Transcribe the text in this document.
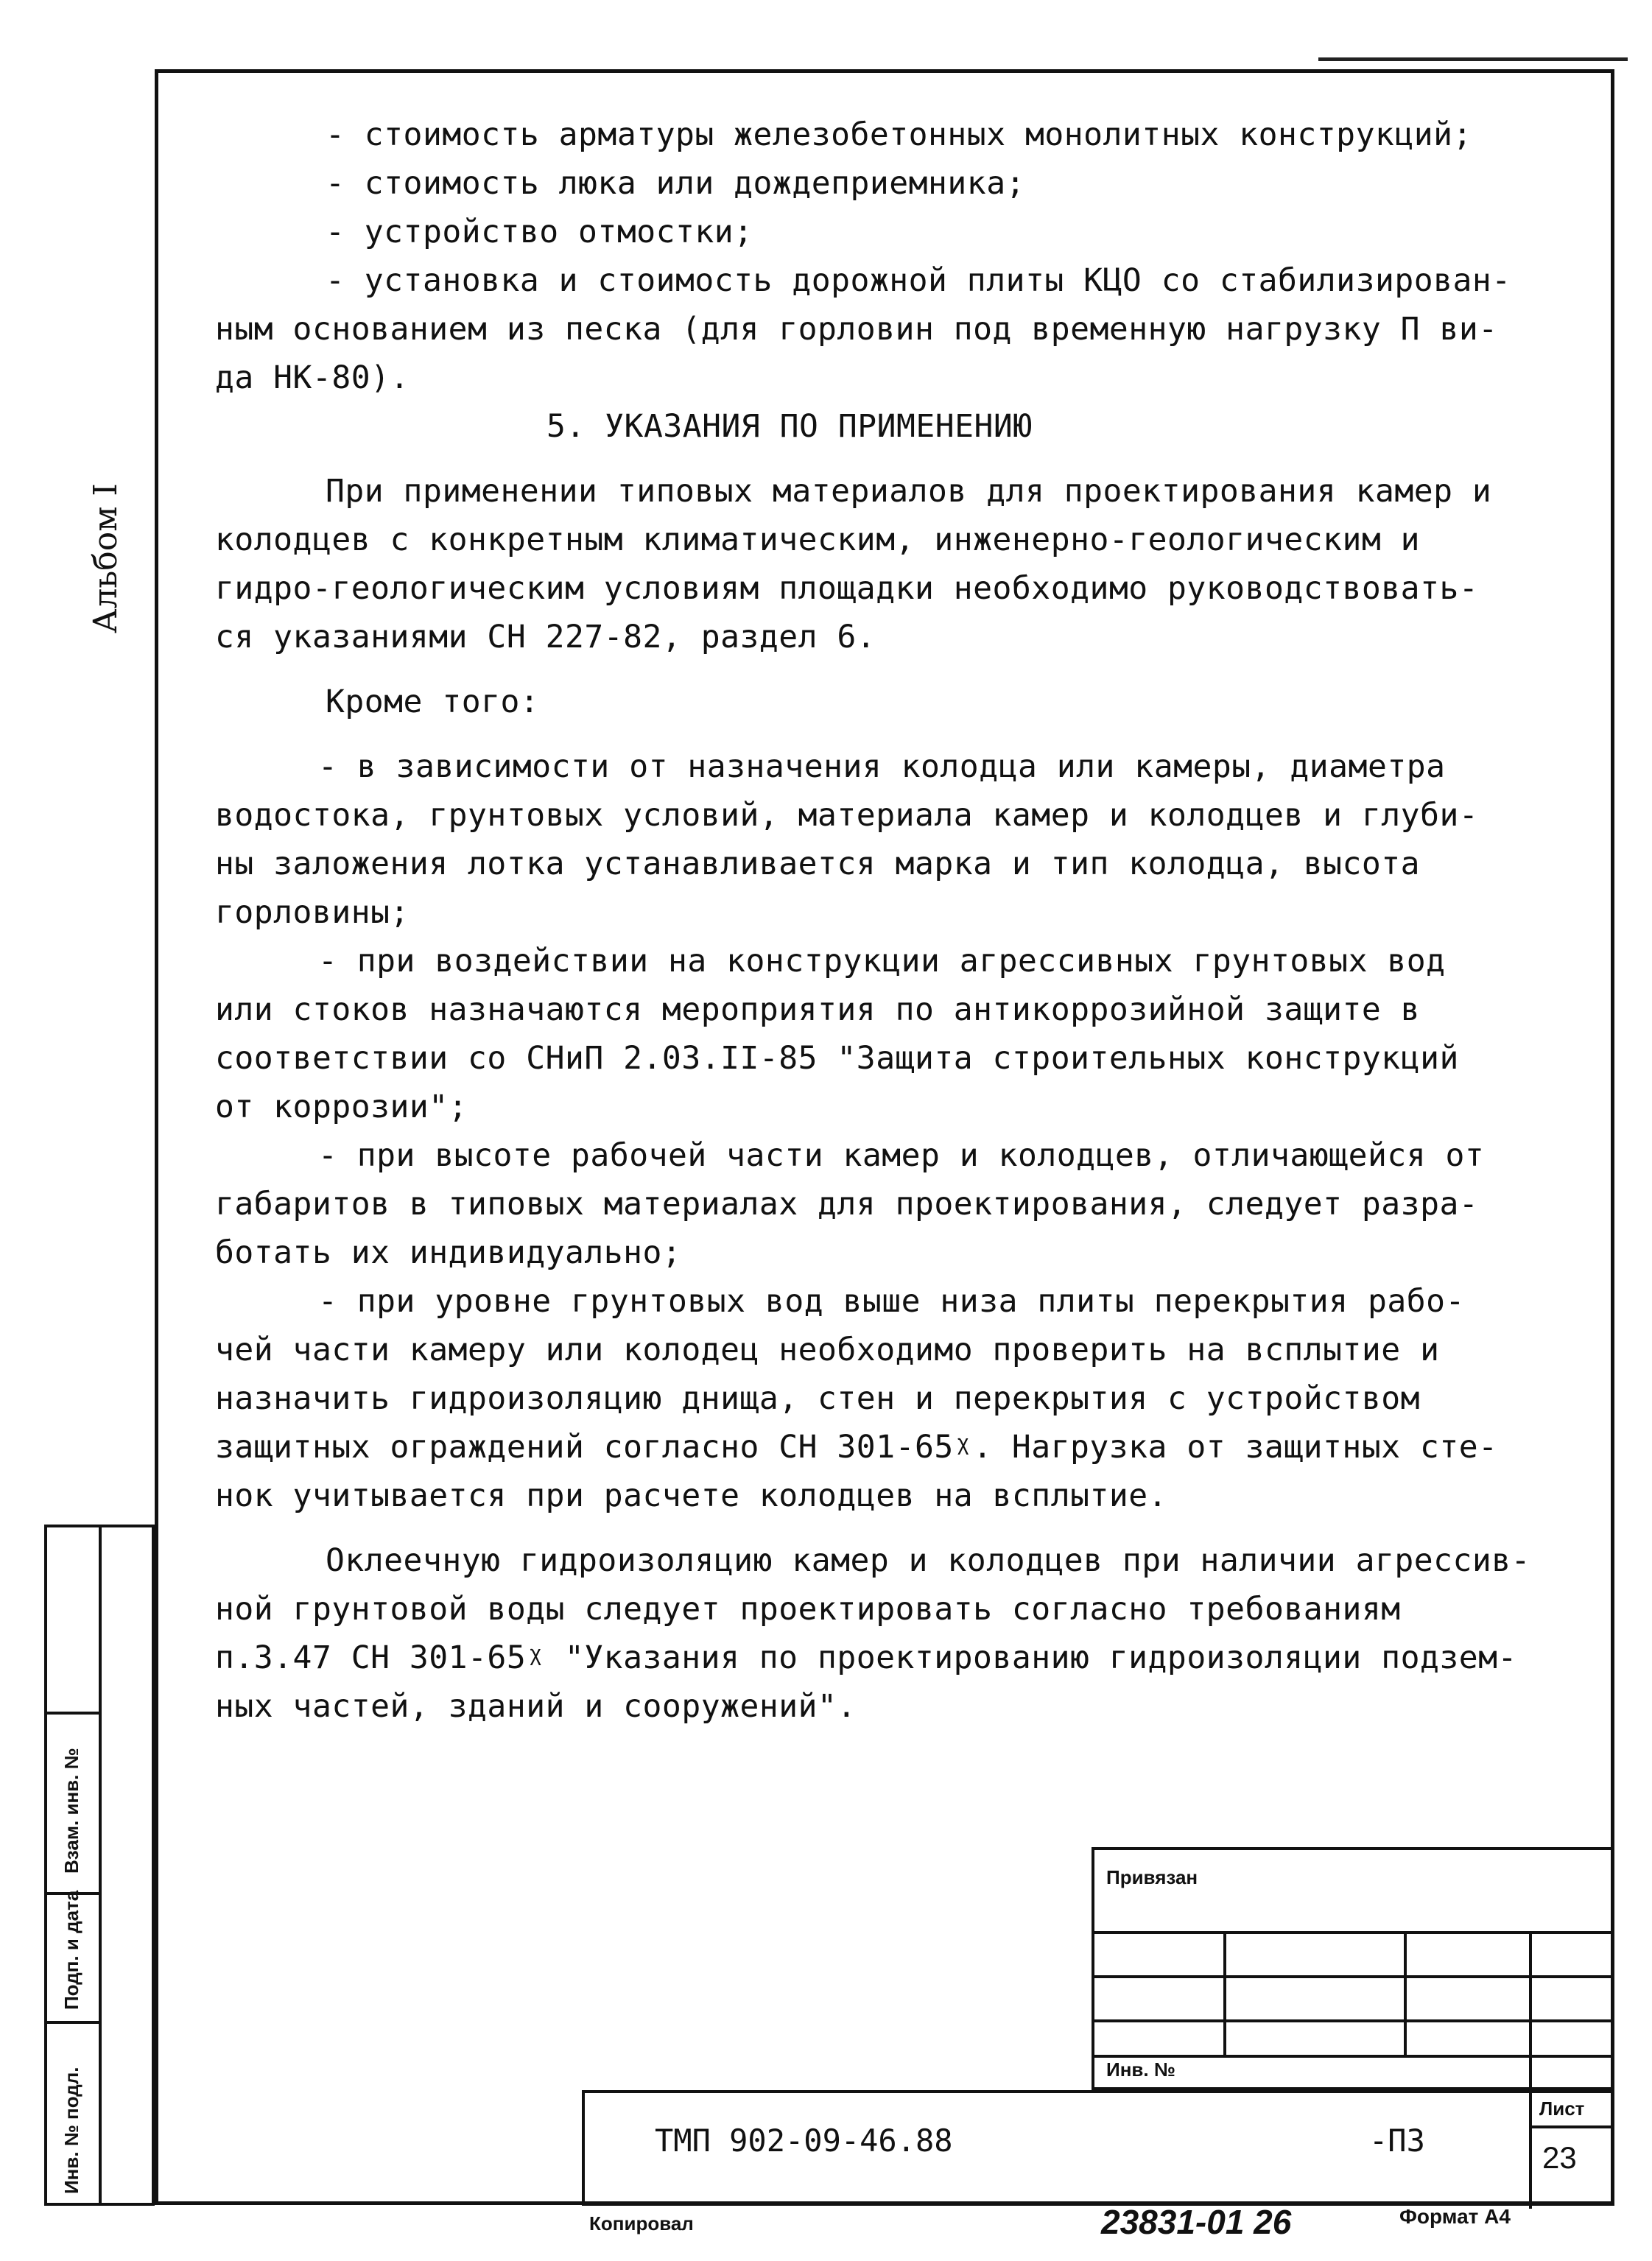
Альбом I

- стоимость арматуры железобетонных монолитных конструкций;

- стоимость люка или дождеприемника;

- устройство отмостки;

- установка и стоимость дорожной плиты КЦО со стабилизирован-

ным основанием из песка (для горловин под временную нагрузку П ви-

да НК-80).

5. УКАЗАНИЯ ПО ПРИМЕНЕНИЮ

При применении типовых материалов для проектирования камер и

колодцев с конкретным климатическим, инженерно-геологическим и

гидро-геологическим условиям площадки необходимо руководствовать-

ся указаниями СН 227-82, раздел 6.

Кроме того:

- в зависимости от назначения колодца или камеры, диаметра

водостока, грунтовых условий, материала камер и колодцев и глуби-

ны заложения лотка устанавливается марка и тип колодца, высота

горловины;

- при воздействии на конструкции агрессивных грунтовых вод

или стоков назначаются мероприятия по антикоррозийной защите в

соответствии со СНиП 2.03.II-85 "Защита строительных конструкций

от коррозии";

- при высоте рабочей части камер и колодцев, отличающейся от

габаритов в типовых материалах для проектирования, следует разра-

ботать их индивидуально;

- при уровне грунтовых вод выше низа плиты перекрытия рабо-

чей части камеру или колодец необходимо проверить на всплытие и

назначить гидроизоляцию днища, стен и перекрытия с устройством

защитных ограждений согласно СН 301-65ᵡ. Нагрузка от защитных сте-

нок учитывается при расчете колодцев на всплытие.

Оклеечную гидроизоляцию камер и колодцев при наличии агрессив-

ной грунтовой воды следует проектировать согласно требованиям

п.3.47 СН 301-65ᵡ "Указания по проектированию гидроизоляции подзем-

ных частей, зданий и сооружений".

Инв. № подл.
Подп. и дата
Взам. инв. №
Привязан
Инв. №
ТМП 902-09-46.88	-ПЗ
Лист
23
Копировал	23831-01 26	Формат А4
